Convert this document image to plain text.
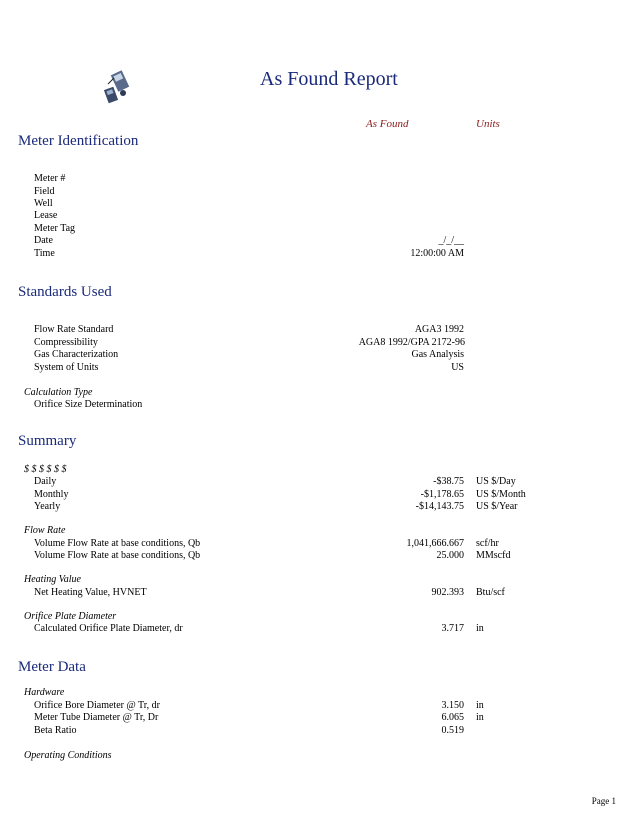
As Found Report
As Found	Units
Meter Identification
Meter #
Field
Well
Lease
Meter Tag
Date	_/_/__
Time	12:00:00 AM
Standards Used
Flow Rate Standard	AGA3 1992
Compressibility	AGA8 1992/GPA 2172-96
Gas Characterization	Gas Analysis
System of Units	US
Calculation Type
Orifice Size Determination
Summary
$ $ $ $ $ $
Daily	-$38.75 US $/Day
Monthly	-$1,178.65 US $/Month
Yearly	-$14,143.75 US $/Year
Flow Rate
Volume Flow Rate at base conditions, Qb	1,041,666.667 scf/hr
Volume Flow Rate at base conditions, Qb	25.000 MMscfd
Heating Value
Net Heating Value, HVNET	902.393 Btu/scf
Orifice Plate Diameter
Calculated Orifice Plate Diameter, dr	3.717 in
Meter Data
Hardware
Orifice Bore Diameter @ Tr, dr	3.150 in
Meter Tube Diameter @ Tr, Dr	6.065 in
Beta Ratio	0.519
Operating Conditions
Page 1
